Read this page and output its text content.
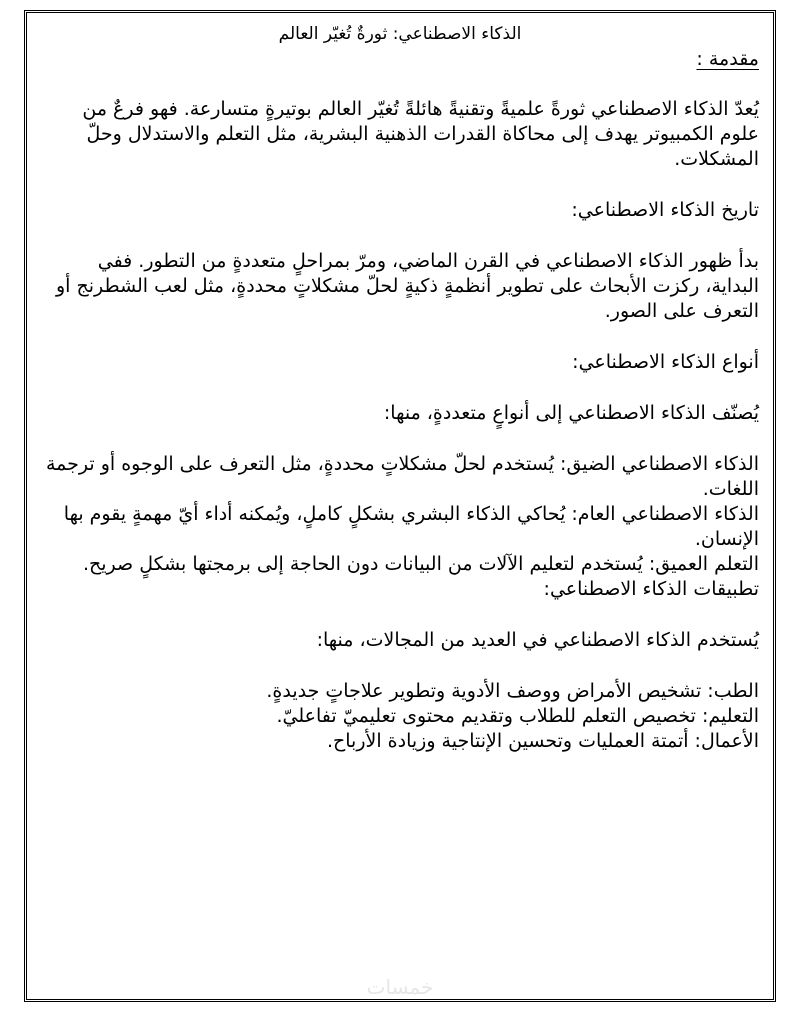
الذكاء الاصطناعي: ثورةٌ تُغيّر العالم
مقدمة :

يُعدّ الذكاء الاصطناعي ثورةً علميةً وتقنيةً هائلةً تُغيّر العالم بوتيرةٍ متسارعة. فهو فرعٌ من علوم الكمبيوتر يهدف إلى محاكاة القدرات الذهنية البشرية، مثل التعلم والاستدلال وحلّ المشكلات.

تاريخ الذكاء الاصطناعي:

بدأ ظهور الذكاء الاصطناعي في القرن الماضي، ومرّ بمراحلٍ متعددةٍ من التطور. ففي البداية، ركزت الأبحاث على تطوير أنظمةٍ ذكيةٍ لحلّ مشكلاتٍ محددةٍ، مثل لعب الشطرنج أو التعرف على الصور.

أنواع الذكاء الاصطناعي:

يُصنّف الذكاء الاصطناعي إلى أنواعٍ متعددةٍ، منها:

الذكاء الاصطناعي الضيق: يُستخدم لحلّ مشكلاتٍ محددةٍ، مثل التعرف على الوجوه أو ترجمة اللغات.

الذكاء الاصطناعي العام: يُحاكي الذكاء البشري بشكلٍ كاملٍ، ويُمكنه أداء أيّ مهمةٍ يقوم بها الإنسان.

التعلم العميق: يُستخدم لتعليم الآلات من البيانات دون الحاجة إلى برمجتها بشكلٍ صريح.

تطبيقات الذكاء الاصطناعي:

يُستخدم الذكاء الاصطناعي في العديد من المجالات، منها:

الطب: تشخيص الأمراض ووصف الأدوية وتطوير علاجاتٍ جديدةٍ.

التعليم: تخصيص التعلم للطلاب وتقديم محتوى تعليميّ تفاعليّ.

الأعمال: أتمتة العمليات وتحسين الإنتاجية وزيادة الأرباح.

خمسات
